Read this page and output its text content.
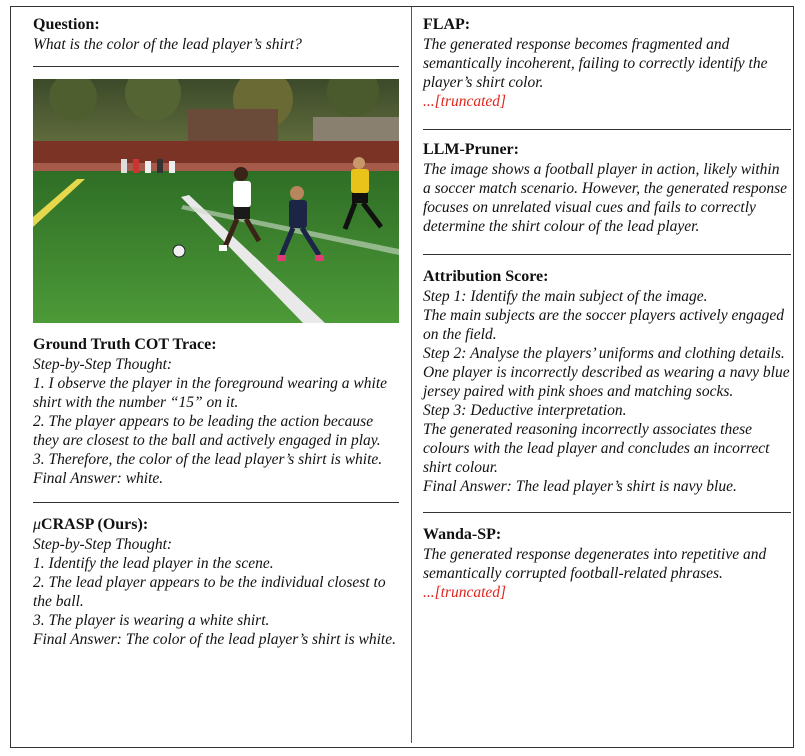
Question:

What is the color of the lead player’s shirt?

Ground Truth COT Trace:

Step-by-Step Thought:
1. I observe the player in the foreground wearing a white shirt with the number “15” on it.
2. The player appears to be leading the action because they are closest to the ball and actively engaged in play.
3. Therefore, the color of the lead player’s shirt is white.
Final Answer: white.

μCRASP (Ours):

Step-by-Step Thought:
1. Identify the lead player in the scene.
2. The lead player appears to be the individual closest to the ball.
3. The player is wearing a white shirt.
Final Answer: The color of the lead player’s shirt is white.

FLAP:

The generated response becomes fragmented and semantically incoherent, failing to correctly identify the player’s shirt color.
...[truncated]

LLM-Pruner:

The image shows a football player in action, likely within a soccer match scenario. However, the generated response focuses on unrelated visual cues and fails to correctly determine the shirt colour of the lead player.

Attribution Score:

Step 1: Identify the main subject of the image.
The main subjects are the soccer players actively engaged on the field.
Step 2: Analyse the players’ uniforms and clothing details.
One player is incorrectly described as wearing a navy blue jersey paired with pink shoes and matching socks.
Step 3: Deductive interpretation.
The generated reasoning incorrectly associates these colours with the lead player and concludes an incorrect shirt colour.
Final Answer: The lead player’s shirt is navy blue.

Wanda-SP:

The generated response degenerates into repetitive and semantically corrupted football-related phrases.
...[truncated]
